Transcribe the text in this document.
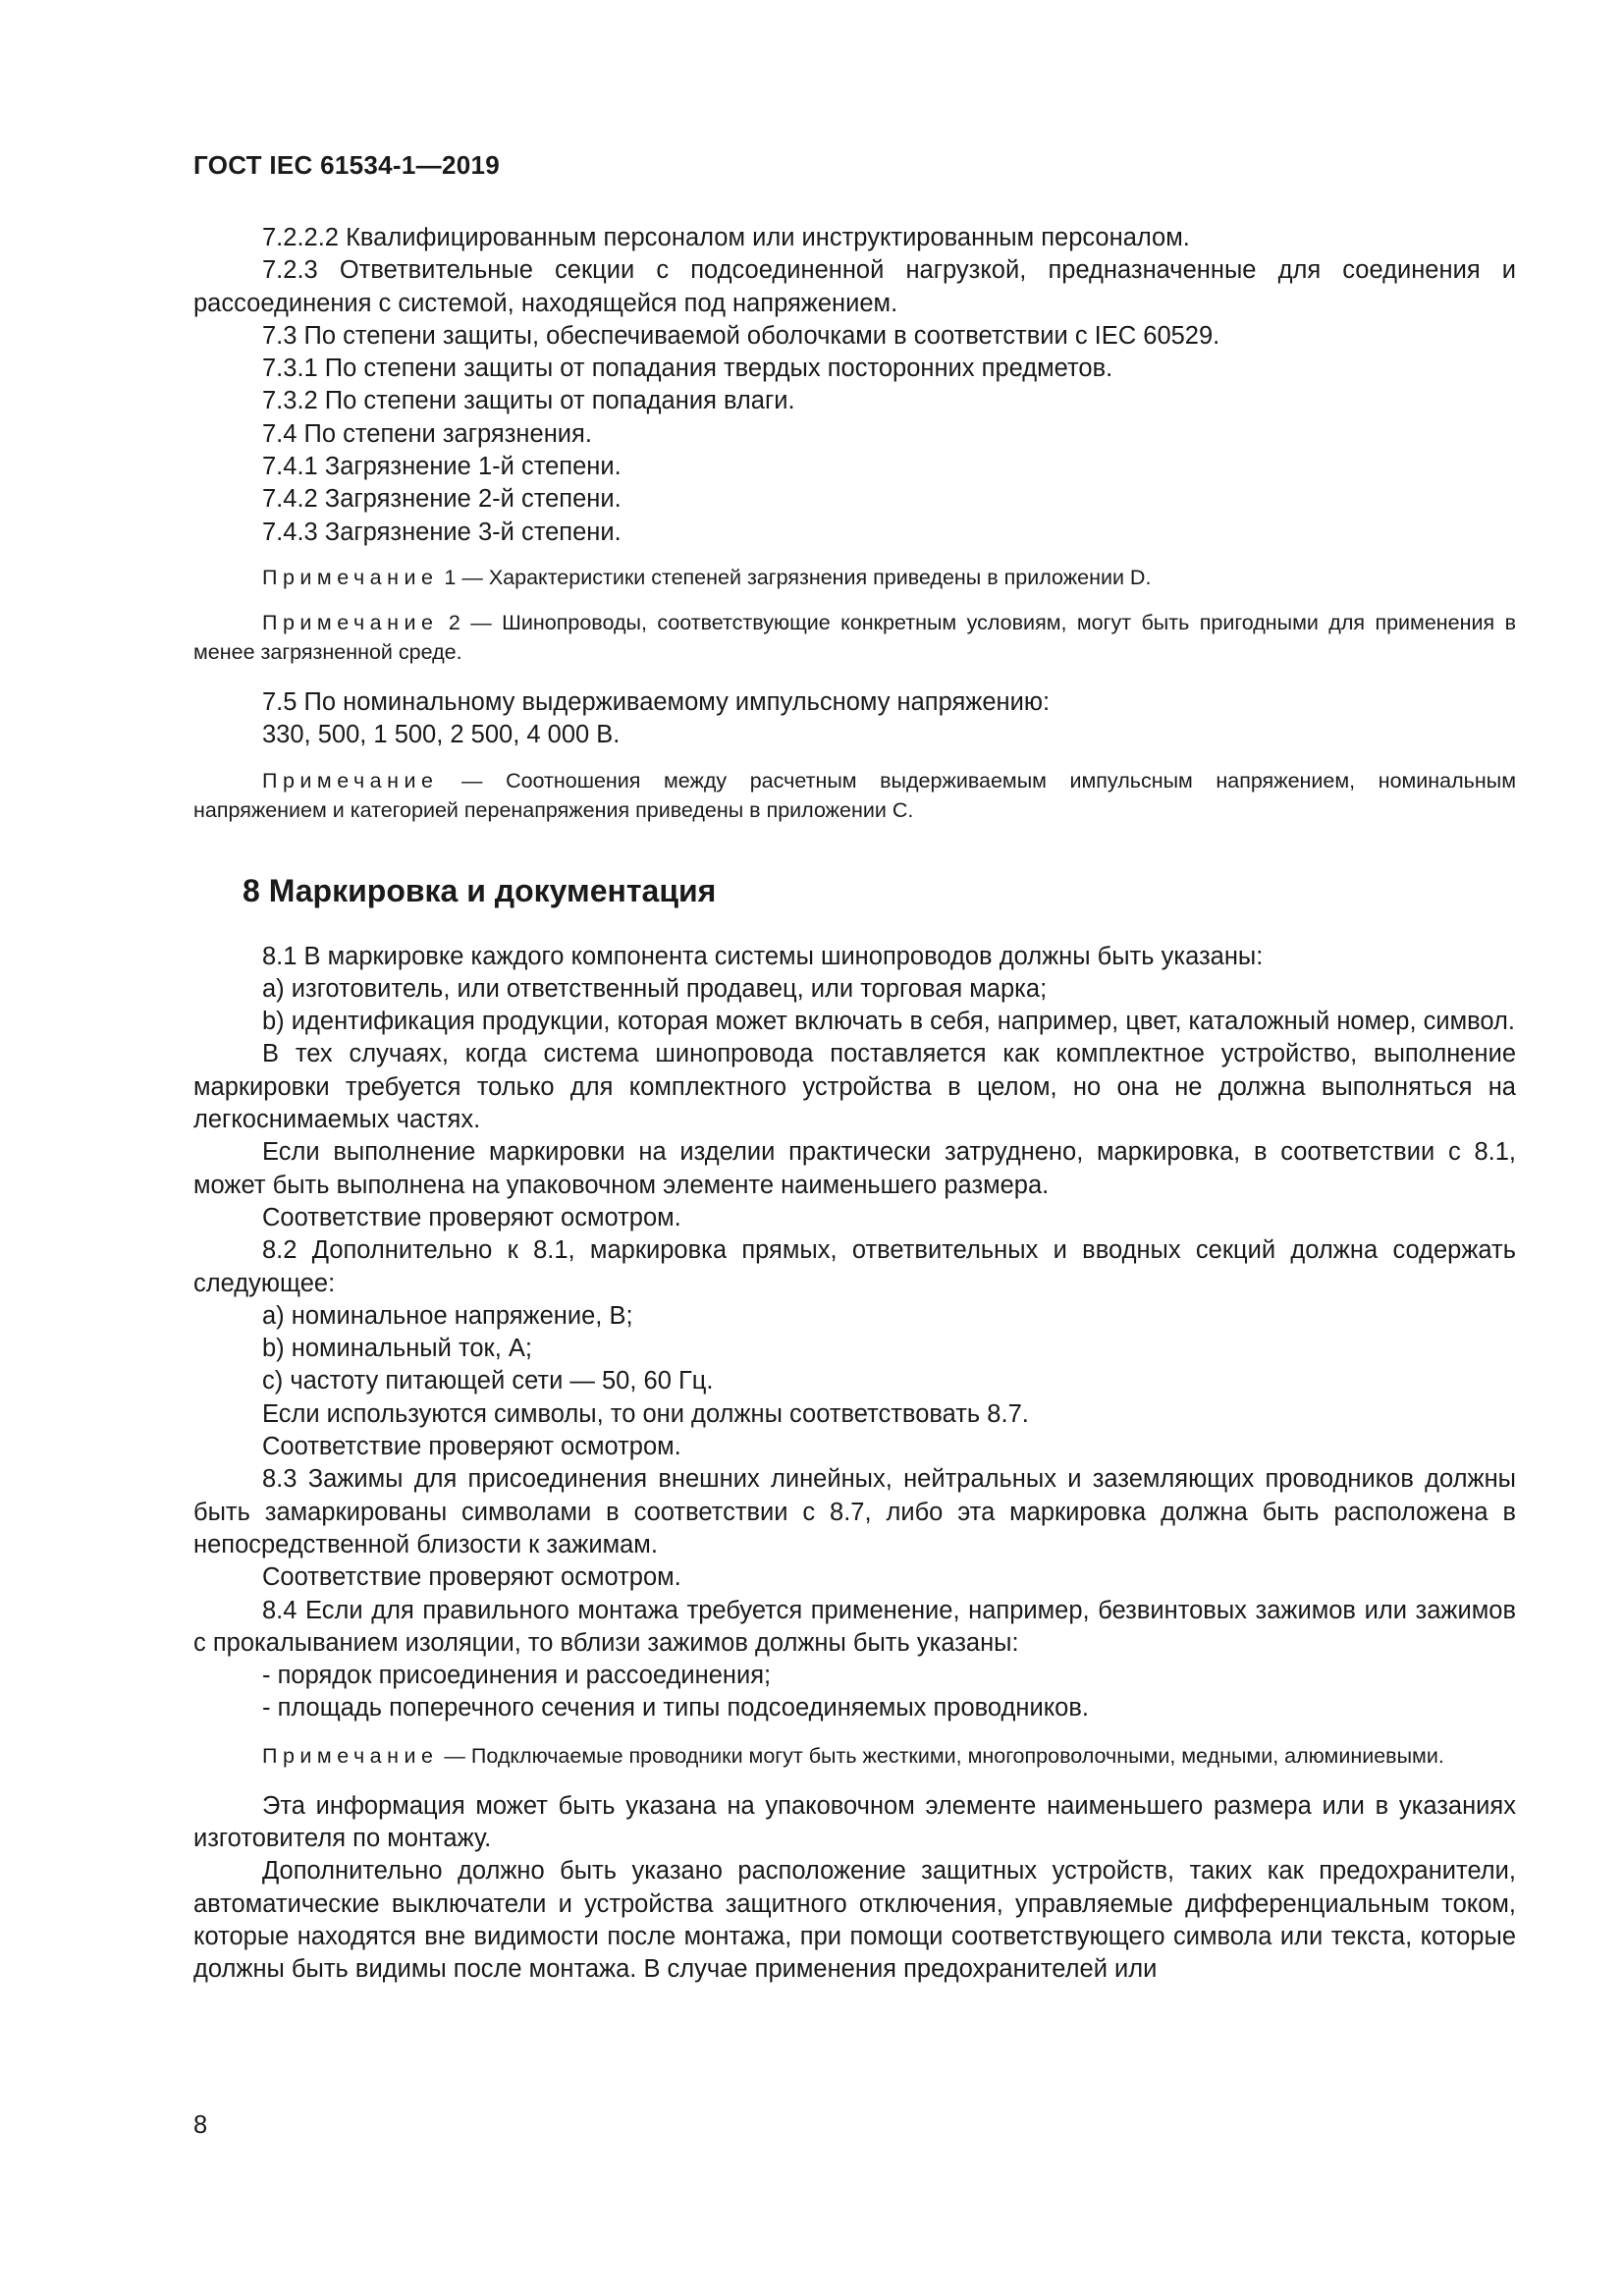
ГОСТ IEC 61534-1—2019

7.2.2.2 Квалифицированным персоналом или инструктированным персоналом.

7.2.3 Ответвительные секции с подсоединенной нагрузкой, предназначенные для соединения и рассоединения с системой, находящейся под напряжением.

7.3 По степени защиты, обеспечиваемой оболочками в соответствии с IEC 60529.

7.3.1 По степени защиты от попадания твердых посторонних предметов.

7.3.2 По степени защиты от попадания влаги.

7.4 По степени загрязнения.

7.4.1 Загрязнение 1-й степени.

7.4.2 Загрязнение 2-й степени.

7.4.3 Загрязнение 3-й степени.

Примечание 1 — Характеристики степеней загрязнения приведены в приложении D.

Примечание 2 — Шинопроводы, соответствующие конкретным условиям, могут быть пригодными для применения в менее загрязненной среде.

7.5 По номинальному выдерживаемому импульсному напряжению:

330, 500, 1 500, 2 500, 4 000 В.

Примечание — Соотношения между расчетным выдерживаемым импульсным напряжением, номинальным напряжением и категорией перенапряжения приведены в приложении С.

8 Маркировка и документация

8.1 В маркировке каждого компонента системы шинопроводов должны быть указаны:

a) изготовитель, или ответственный продавец, или торговая марка;

b) идентификация продукции, которая может включать в себя, например, цвет, каталожный номер, символ.

В тех случаях, когда система шинопровода поставляется как комплектное устройство, выполнение маркировки требуется только для комплектного устройства в целом, но она не должна выполняться на легкоснимаемых частях.

Если выполнение маркировки на изделии практически затруднено, маркировка, в соответствии с 8.1, может быть выполнена на упаковочном элементе наименьшего размера.

Соответствие проверяют осмотром.

8.2 Дополнительно к 8.1, маркировка прямых, ответвительных и вводных секций должна содержать следующее:

a) номинальное напряжение, В;

b) номинальный ток, А;

c) частоту питающей сети — 50, 60 Гц.

Если используются символы, то они должны соответствовать 8.7.

Соответствие проверяют осмотром.

8.3 Зажимы для присоединения внешних линейных, нейтральных и заземляющих проводников должны быть замаркированы символами в соответствии с 8.7, либо эта маркировка должна быть расположена в непосредственной близости к зажимам.

Соответствие проверяют осмотром.

8.4 Если для правильного монтажа требуется применение, например, безвинтовых зажимов или зажимов с прокалыванием изоляции, то вблизи зажимов должны быть указаны:

- порядок присоединения и рассоединения;

- площадь поперечного сечения и типы подсоединяемых проводников.

Примечание — Подключаемые проводники могут быть жесткими, многопроволочными, медными, алюминиевыми.

Эта информация может быть указана на упаковочном элементе наименьшего размера или в указаниях изготовителя по монтажу.

Дополнительно должно быть указано расположение защитных устройств, таких как предохранители, автоматические выключатели и устройства защитного отключения, управляемые дифференциальным током, которые находятся вне видимости после монтажа, при помощи соответствующего символа или текста, которые должны быть видимы после монтажа. В случае применения предохранителей или

8
